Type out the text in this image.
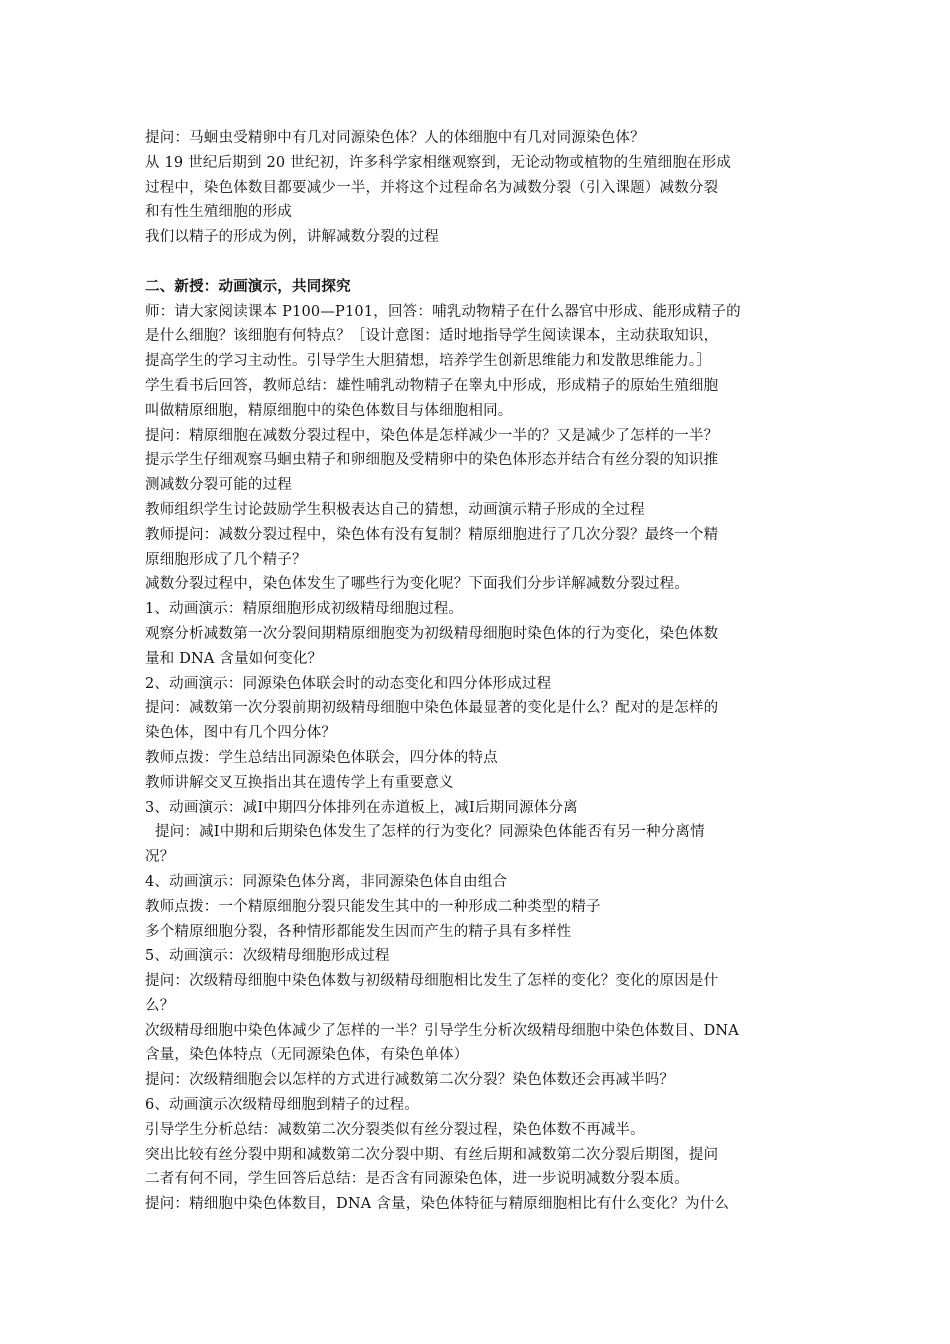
提问：马蛔虫受精卵中有几对同源染色体？人的体细胞中有几对同源染色体？
从 19 世纪后期到 20 世纪初，许多科学家相继观察到，无论动物或植物的生殖细胞在形成
过程中，染色体数目都要减少一半，并将这个过程命名为减数分裂（引入课题）减数分裂
和有性生殖细胞的形成
我们以精子的形成为例，讲解减数分裂的过程
二、新授：动画演示，共同探究
师：请大家阅读课本 P100—P101，回答：哺乳动物精子在什么器官中形成、能形成精子的
是什么细胞？该细胞有何特点？［设计意图：适时地指导学生阅读课本，主动获取知识，
提高学生的学习主动性。引导学生大胆猜想，培养学生创新思维能力和发散思维能力。］
学生看书后回答，教师总结：雄性哺乳动物精子在睾丸中形成，形成精子的原始生殖细胞
叫做精原细胞，精原细胞中的染色体数目与体细胞相同。
提问：精原细胞在减数分裂过程中，染色体是怎样减少一半的？又是减少了怎样的一半？
提示学生仔细观察马蛔虫精子和卵细胞及受精卵中的染色体形态并结合有丝分裂的知识推
测减数分裂可能的过程
教师组织学生讨论鼓励学生积极表达自己的猜想，动画演示精子形成的全过程
教师提问：减数分裂过程中，染色体有没有复制？精原细胞进行了几次分裂？最终一个精
原细胞形成了几个精子？
减数分裂过程中，染色体发生了哪些行为变化呢？下面我们分步详解减数分裂过程。
1、动画演示：精原细胞形成初级精母细胞过程。
观察分析减数第一次分裂间期精原细胞变为初级精母细胞时染色体的行为变化，染色体数
量和 DNA 含量如何变化？
2、动画演示：同源染色体联会时的动态变化和四分体形成过程
提问：减数第一次分裂前期初级精母细胞中染色体最显著的变化是什么？配对的是怎样的
染色体，图中有几个四分体？
教师点拨：学生总结出同源染色体联会，四分体的特点
教师讲解交叉互换指出其在遗传学上有重要意义
3、动画演示：减Ⅰ中期四分体排列在赤道板上，减Ⅰ后期同源体分离
提问：减Ⅰ中期和后期染色体发生了怎样的行为变化？同源染色体能否有另一种分离情
况？
4、动画演示：同源染色体分离，非同源染色体自由组合
教师点拨：一个精原细胞分裂只能发生其中的一种形成二种类型的精子
多个精原细胞分裂，各种情形都能发生因而产生的精子具有多样性
5、动画演示：次级精母细胞形成过程
提问：次级精母细胞中染色体数与初级精母细胞相比发生了怎样的变化？变化的原因是什
么？
次级精母细胞中染色体减少了怎样的一半？引导学生分析次级精母细胞中染色体数目、DNA
含量，染色体特点（无同源染色体，有染色单体）
提问：次级精细胞会以怎样的方式进行减数第二次分裂？染色体数还会再减半吗？
6、动画演示次级精母细胞到精子的过程。
引导学生分析总结：减数第二次分裂类似有丝分裂过程，染色体数不再减半。
突出比较有丝分裂中期和减数第二次分裂中期、有丝后期和减数第二次分裂后期图，提问
二者有何不同，学生回答后总结：是否含有同源染色体，进一步说明减数分裂本质。
提问：精细胞中染色体数目，DNA 含量，染色体特征与精原细胞相比有什么变化？为什么
